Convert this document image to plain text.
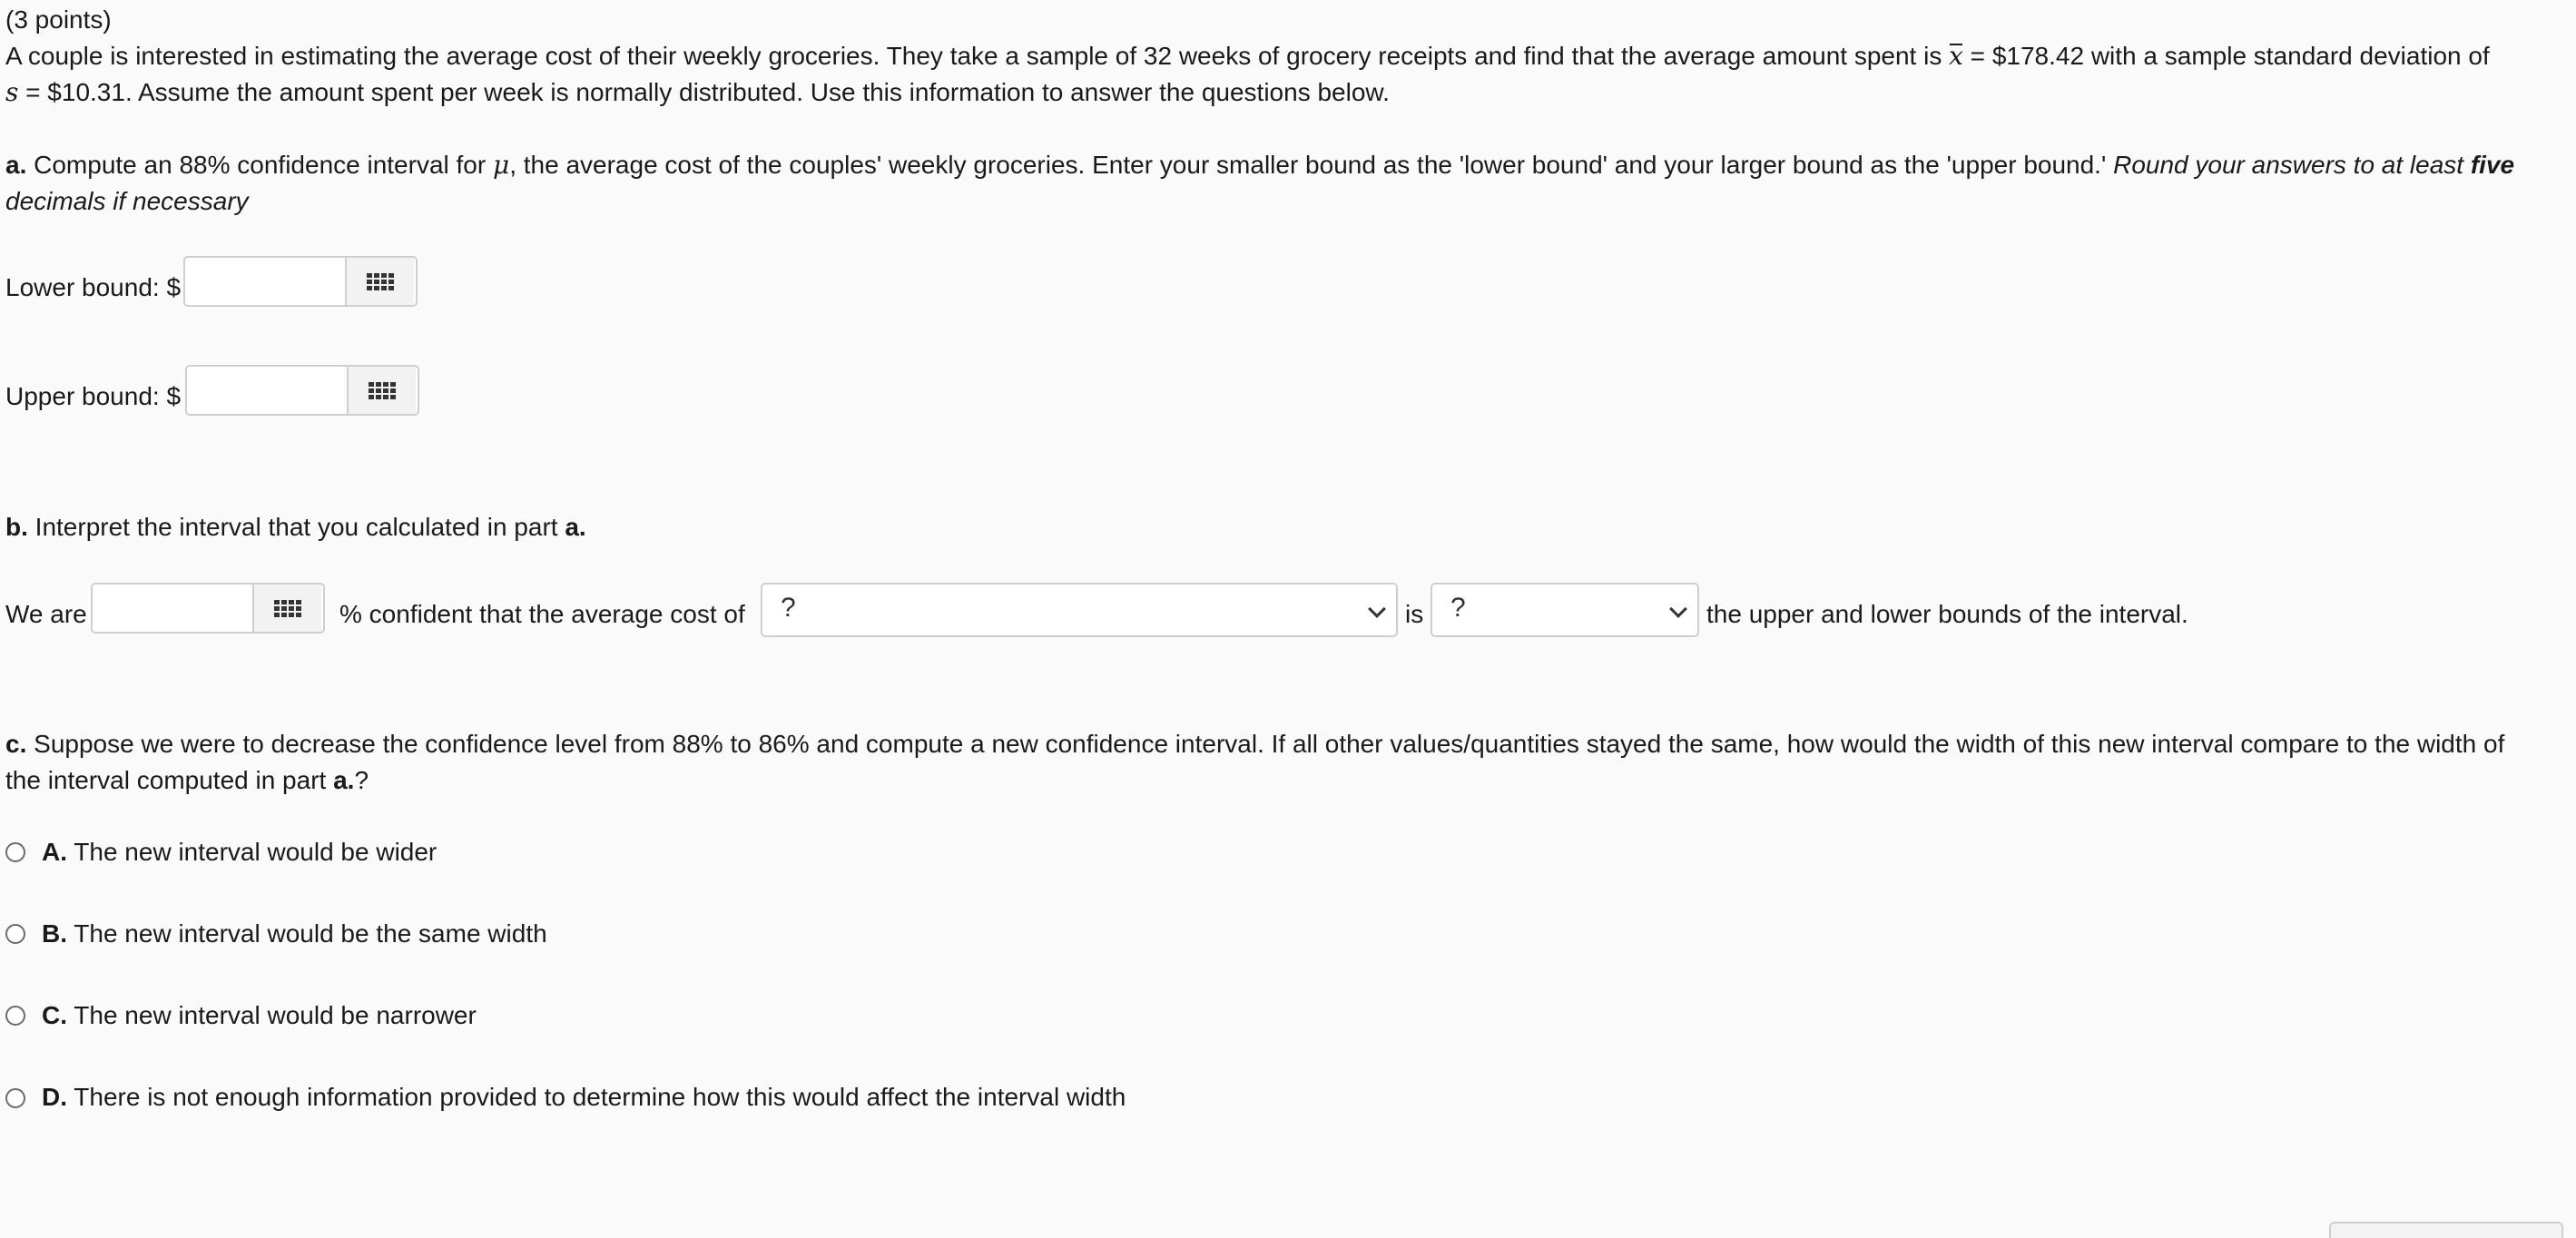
(3 points)
A couple is interested in estimating the average cost of their weekly groceries. They take a sample of 32 weeks of grocery receipts and find that the average amount spent is x = $178.42 with a sample standard deviation of
s = $10.31. Assume the amount spent per week is normally distributed. Use this information to answer the questions below.
a. Compute an 88% confidence interval for μ, the average cost of the couples' weekly groceries. Enter your smaller bound as the 'lower bound' and your larger bound as the 'upper bound.' Round your answers to at least five
decimals if necessary
Lower bound: $
Upper bound: $
b. Interpret the interval that you calculated in part a.
We are	% confident that the average cost of	?	is ?	the upper and lower bounds of the interval.
c. Suppose we were to decrease the confidence level from 88% to 86% and compute a new confidence interval. If all other values/quantities stayed the same, how would the width of this new interval compare to the width of
the interval computed in part a.?
A. The new interval would be wider
B. The new interval would be the same width
C. The new interval would be narrower
D. There is not enough information provided to determine how this would affect the interval width
